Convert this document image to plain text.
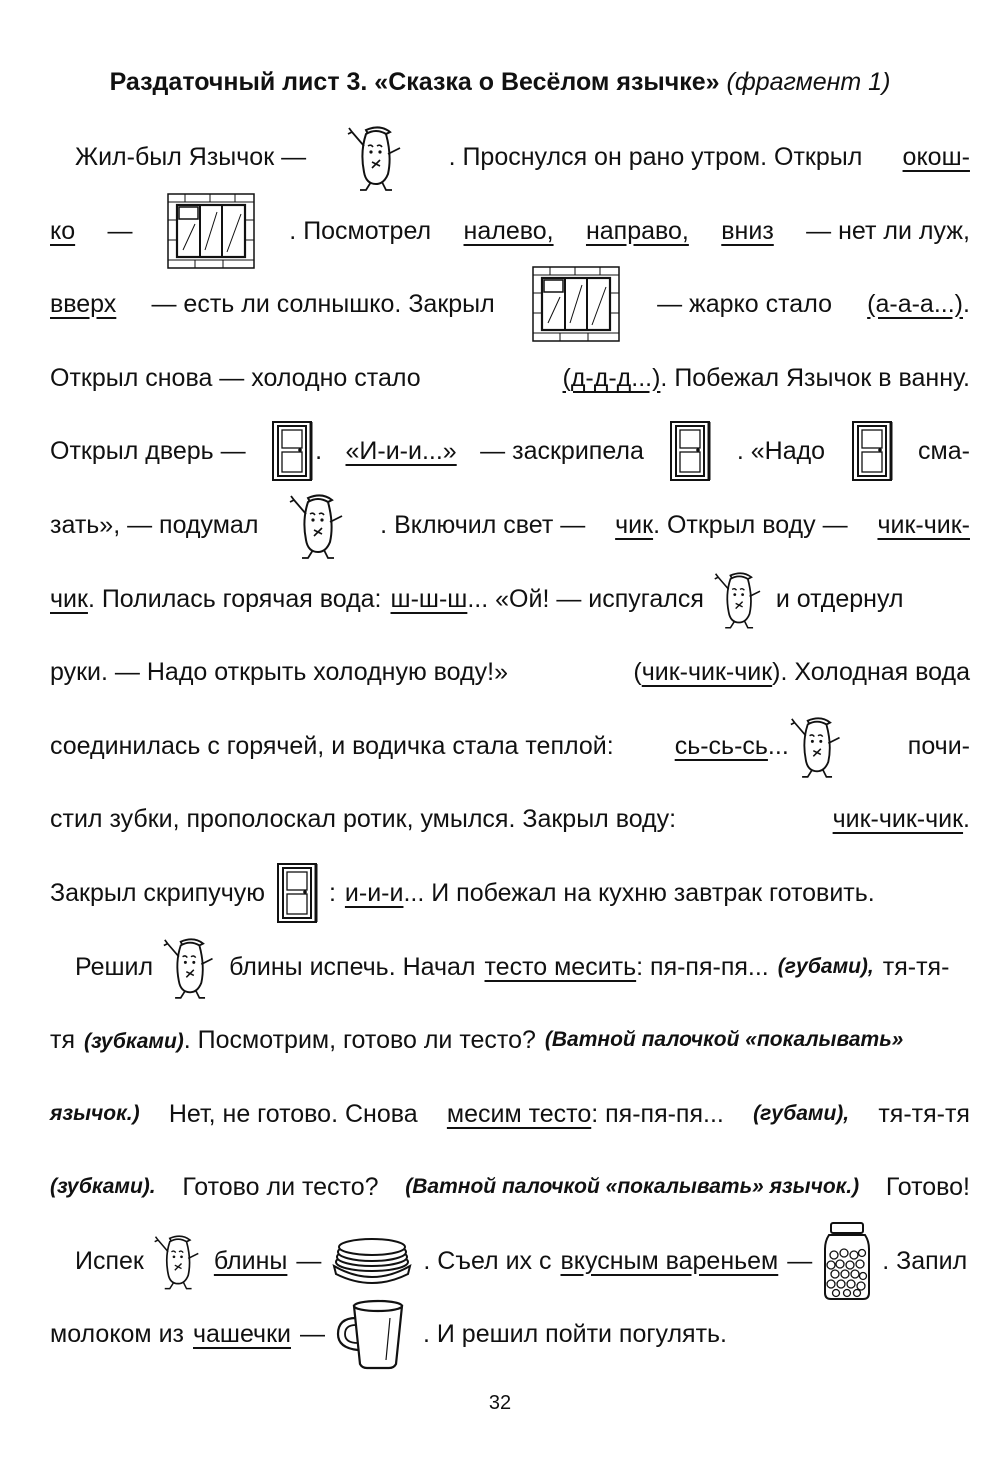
Раздаточный лист 3. «Сказка о Весёлом язычке» (фрагмент 1)
Жил-был Язычок —	. Проснулся он рано утром. Открыл окош-
ко —	. Посмотрел налево, направо, вниз — нет ли луж,
вверх — есть ли солнышко. Закрыл	— жарко стало (а-а-а...).
Открыл снова — холодно стало	(д-д-д...). Побежал Язычок в ванну.
Открыл дверь —	. «И-и-и...» — заскрипела	. «Надо	сма-
зать», — подумал	. Включил свет — чик. Открыл воду — чик-чик-
чик. Полилась горячая вода: ш-ш-ш... «Ой! — испугался	и отдернул
руки. — Надо открыть холодную воду!»	(чик-чик-чик). Холодная вода
соединилась с горячей, и водичка стала теплой: сь-сь-сь ...	почи-
стил зубки, прополоскал ротик, умылся. Закрыл воду:	чик-чик-чик.
Закрыл скрипучую	: и-и-и... И побежал на кухню завтрак готовить.
Решил	блины испечь. Начал тесто месить: пя-пя-пя... (губами), тя-тя-
тя (зубками). Посмотрим, готово ли тесто? (Ватной палочкой «покалывать»
язычок.) Нет, не готово. Снова месим тесто: пя-пя-пя... (губами), тя-тя-тя
(зубками). Готово ли тесто? (Ватной палочкой «покалывать» язычок.) Готово!
Испек	блины —	. Съел их с вкусным вареньем —	. Запил
молоком из чашечки —	. И решил пойти погулять.
32
